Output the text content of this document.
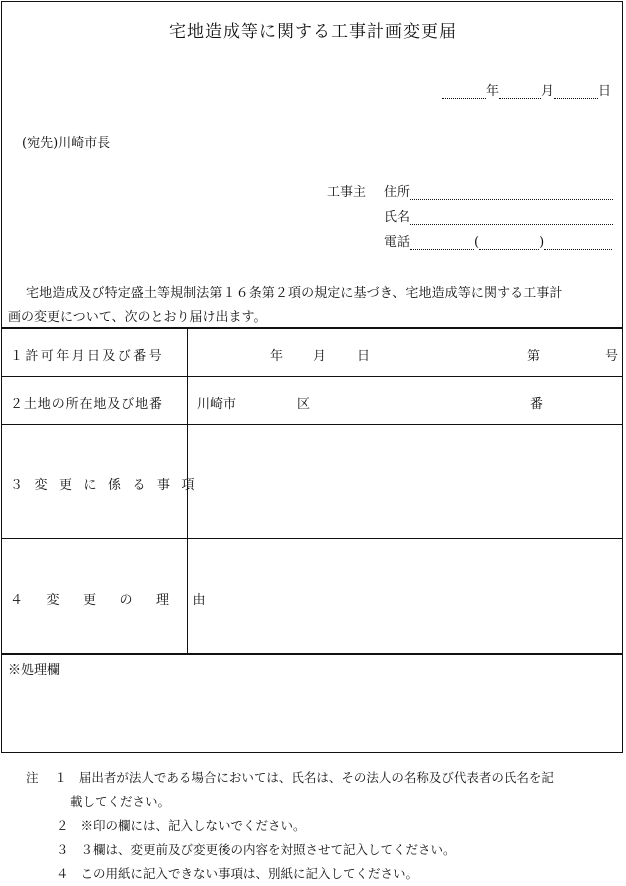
宅地造成等に関する工事計画変更届
年	月	日
(宛先)川崎市長
工事主 住所
氏名
電話	(	)
宅地造成及び特定盛土等規制法第１６条第２項の規定に基づき、宅地造成等に関する工事計
画の変更について、次のとおり届け出ます。
１許可年月日及び番号	年 月 日	第	号
２土地の所在地及び地番	川崎市	区	番
３変更に係る事項
４変更の理由
※処理欄
注 １ 届出者が法人である場合においては、氏名は、その法人の名称及び代表者の氏名を記
載してください。
２ ※印の欄には、記入しないでください。
３ ３欄は、変更前及び変更後の内容を対照させて記入してください。
４ この用紙に記入できない事項は、別紙に記入してください。
